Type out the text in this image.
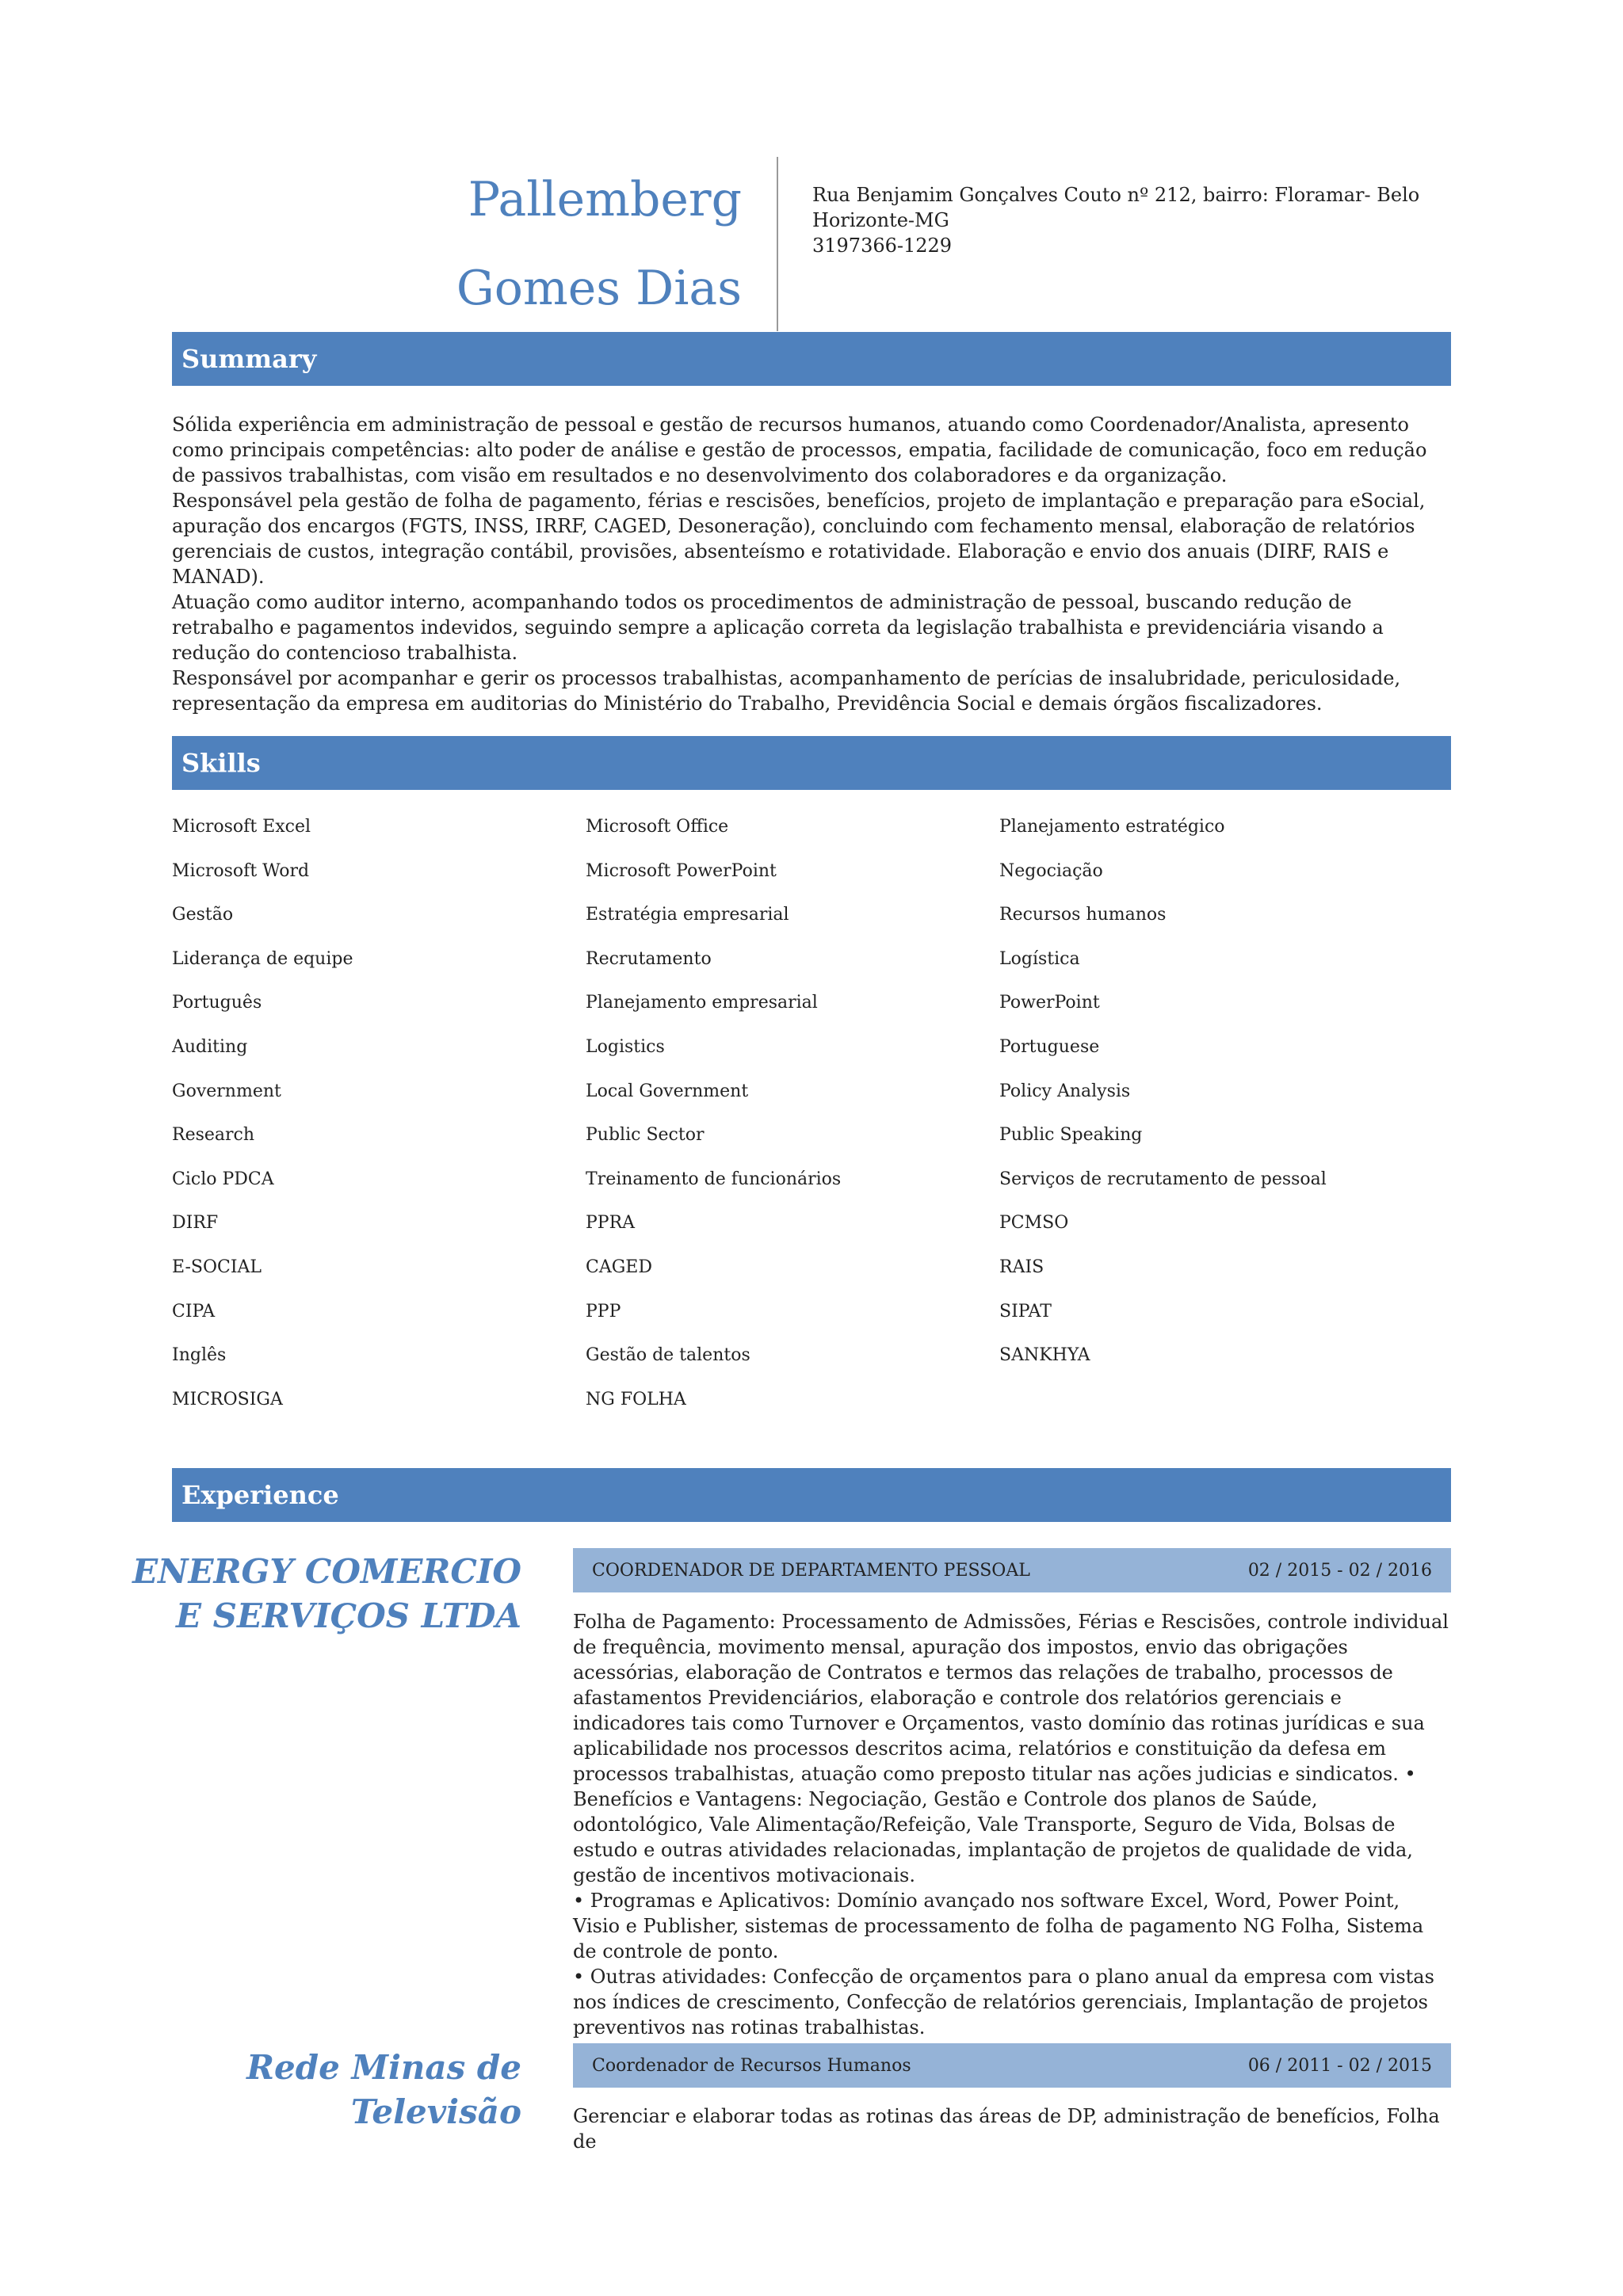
Pallemberg
Gomes Dias
Rua Benjamim Gonçalves Couto nº 212, bairro: Floramar- Belo
Horizonte-MG
3197366-1229
Summary

Sólida experiência em administração de pessoal e gestão de recursos humanos, atuando como Coordenador/Analista, apresento como principais competências: alto poder de análise e gestão de processos, empatia, facilidade de comunicação, foco em redução de passivos trabalhistas, com visão em resultados e no desenvolvimento dos colaboradores e da organização.

Responsável pela gestão de folha de pagamento, férias e rescisões, benefícios, projeto de implantação e preparação para eSocial, apuração dos encargos (FGTS, INSS, IRRF, CAGED, Desoneração), concluindo com fechamento mensal, elaboração de relatórios gerenciais de custos, integração contábil, provisões, absenteísmo e rotatividade. Elaboração e envio dos anuais (DIRF, RAIS e MANAD).

Atuação como auditor interno, acompanhando todos os procedimentos de administração de pessoal, buscando redução de retrabalho e pagamentos indevidos, seguindo sempre a aplicação correta da legislação trabalhista e previdenciária visando a redução do contencioso trabalhista.

Responsável por acompanhar e gerir os processos trabalhistas, acompanhamento de perícias de insalubridade, periculosidade, representação da empresa em auditorias do Ministério do Trabalho, Previdência Social e demais órgãos fiscalizadores.

Skills
Microsoft Excel	Microsoft Office	Planejamento estratégico
Microsoft Word	Microsoft PowerPoint	Negociação
Gestão	Estratégia empresarial	Recursos humanos
Liderança de equipe	Recrutamento	Logística
Português	Planejamento empresarial	PowerPoint
Auditing	Logistics	Portuguese
Government	Local Government	Policy Analysis
Research	Public Sector	Public Speaking
Ciclo PDCA	Treinamento de funcionários	Serviços de recrutamento de pessoal
DIRF	PPRA	PCMSO
E-SOCIAL	CAGED	RAIS
CIPA	PPP	SIPAT
Inglês	Gestão de talentos	SANKHYA
MICROSIGA	NG FOLHA
Experience
ENERGY COMERCIO
E SERVIÇOS LTDA
COORDENADOR DE DEPARTAMENTO PESSOAL	02 / 2015 - 02 / 2016

Folha de Pagamento: Processamento de Admissões, Férias e Rescisões, controle individual de frequência, movimento mensal, apuração dos impostos, envio das obrigações acessórias, elaboração de Contratos e termos das relações de trabalho, processos de afastamentos Previdenciários, elaboração e controle dos relatórios gerenciais e indicadores tais como Turnover e Orçamentos, vasto domínio das rotinas jurídicas e sua aplicabilidade nos processos descritos acima, relatórios e constituição da defesa em processos trabalhistas, atuação como preposto titular nas ações judicias e sindicatos. • Benefícios e Vantagens: Negociação, Gestão e Controle dos planos de Saúde, odontológico, Vale Alimentação/Refeição, Vale Transporte, Seguro de Vida, Bolsas de estudo e outras atividades relacionadas, implantação de projetos de qualidade de vida, gestão de incentivos motivacionais.

• Programas e Aplicativos: Domínio avançado nos software Excel, Word, Power Point, Visio e Publisher, sistemas de processamento de folha de pagamento NG Folha, Sistema de controle de ponto.

• Outras atividades: Confecção de orçamentos para o plano anual da empresa com vistas nos índices de crescimento, Confecção de relatórios gerenciais, Implantação de projetos preventivos nas rotinas trabalhistas.

Rede Minas de
Televisão
Coordenador de Recursos Humanos	06 / 2011 - 02 / 2015

Gerenciar e elaborar todas as rotinas das áreas de DP, administração de benefícios, Folha de
